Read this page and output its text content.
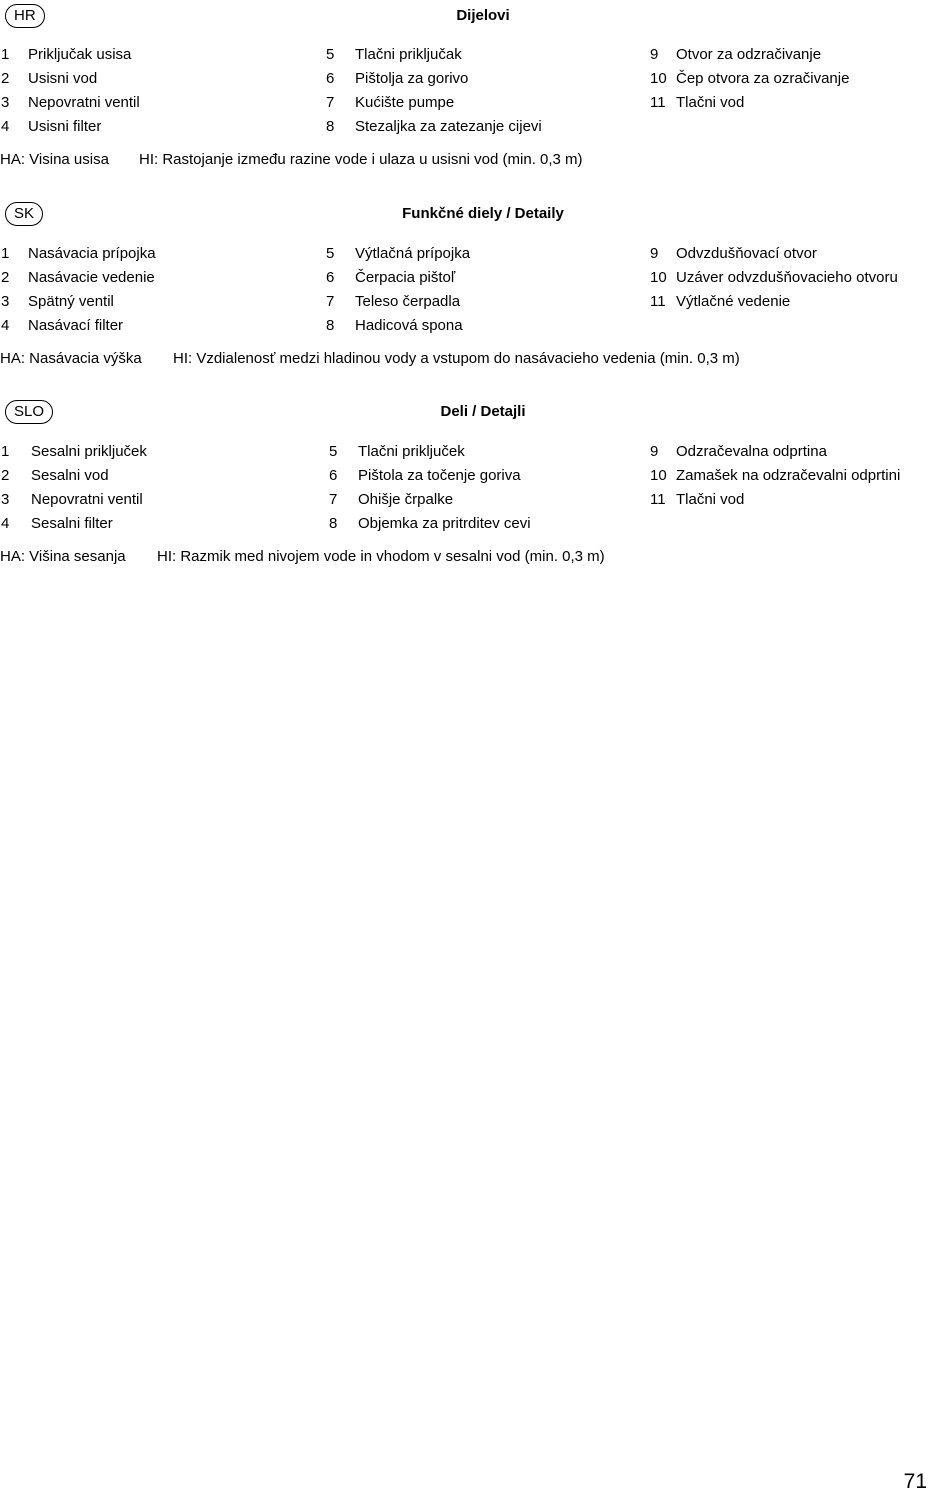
HR	Dijelovi
1 Priključak usisa
2 Usisni vod
3 Nepovratni ventil
4 Usisni filter
5 Tlačni priključak
6 Pištolja za gorivo
7 Kućište pumpe
8 Stezaljka za zatezanje cijevi
9 Otvor za odzračivanje
10 Čep otvora za ozračivanje
11 Tlačni vod
HA: Visina usisa HI: Rastojanje između razine vode i ulaza u usisni vod (min. 0,3 m)
SK	Funkčné diely / Detaily
1 Nasávacia prípojka
2 Nasávacie vedenie
3 Spätný ventil
4 Nasávací filter
5 Výtlačná prípojka
6 Čerpacia pištoľ
7 Teleso čerpadla
8 Hadicová spona
9 Odvzdušňovací otvor
10 Uzáver odvzdušňovacieho otvoru
11 Výtlačné vedenie
HA: Nasávacia výška HI: Vzdialenosť medzi hladinou vody a vstupom do nasávacieho vedenia (min. 0,3 m)
SLO	Deli / Detajli
1 Sesalni priključek
2 Sesalni vod
3 Nepovratni ventil
4 Sesalni filter
5 Tlačni priključek
6 Pištola za točenje goriva
7 Ohišje črpalke
8 Objemka za pritrditev cevi
9 Odzračevalna odprtina
10 Zamašek na odzračevalni odprtini
11 Tlačni vod
HA: Višina sesanja HI: Razmik med nivojem vode in vhodom v sesalni vod (min. 0,3 m)
71
